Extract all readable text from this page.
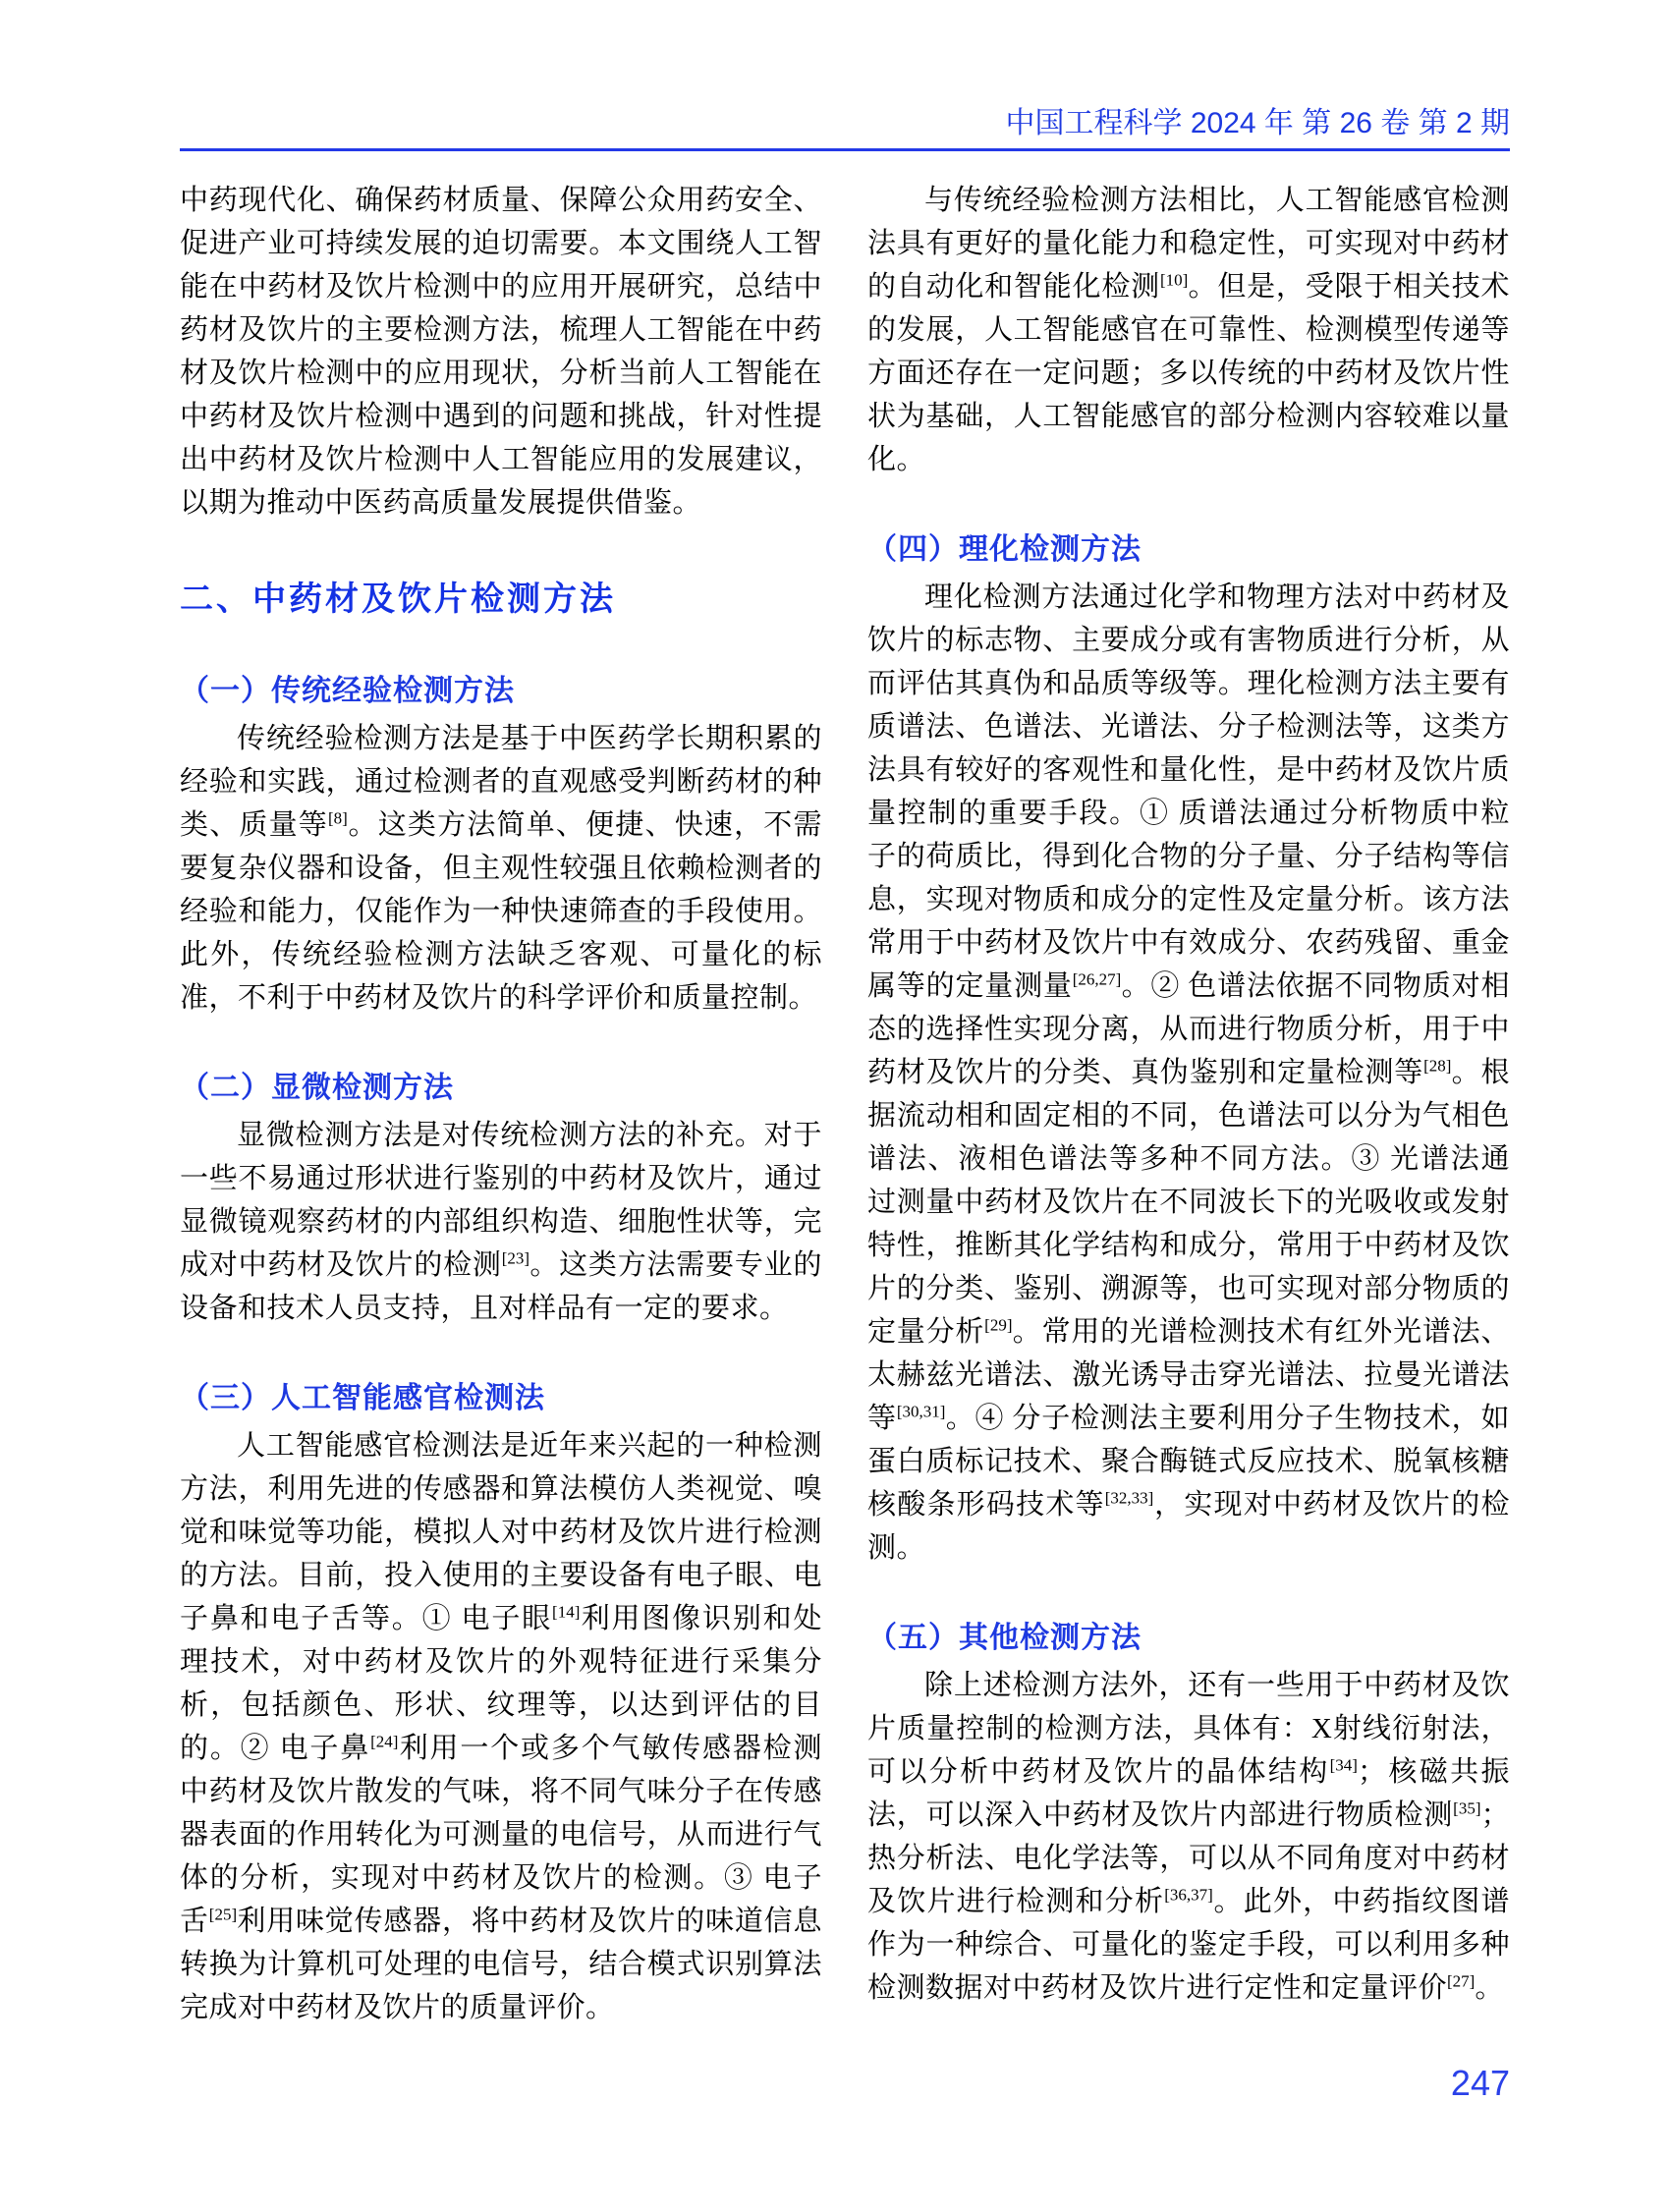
中国工程科学 2024 年 第 26 卷 第 2 期

中药现代化、确保药材质量、保障公众用药安全、促进产业可持续发展的迫切需要。本文围绕人工智能在中药材及饮片检测中的应用开展研究，总结中药材及饮片的主要检测方法，梳理人工智能在中药材及饮片检测中的应用现状，分析当前人工智能在中药材及饮片检测中遇到的问题和挑战，针对性提出中药材及饮片检测中人工智能应用的发展建议，以期为推动中医药高质量发展提供借鉴。

二、中药材及饮片检测方法
（一）传统经验检测方法

传统经验检测方法是基于中医药学长期积累的经验和实践，通过检测者的直观感受判断药材的种类、质量等[8]。这类方法简单、便捷、快速，不需要复杂仪器和设备，但主观性较强且依赖检测者的经验和能力，仅能作为一种快速筛查的手段使用。此外，传统经验检测方法缺乏客观、可量化的标准，不利于中药材及饮片的科学评价和质量控制。

（二）显微检测方法

显微检测方法是对传统检测方法的补充。对于一些不易通过形状进行鉴别的中药材及饮片，通过显微镜观察药材的内部组织构造、细胞性状等，完成对中药材及饮片的检测[23]。这类方法需要专业的设备和技术人员支持，且对样品有一定的要求。

（三）人工智能感官检测法

人工智能感官检测法是近年来兴起的一种检测方法，利用先进的传感器和算法模仿人类视觉、嗅觉和味觉等功能，模拟人对中药材及饮片进行检测的方法。目前，投入使用的主要设备有电子眼、电子鼻和电子舌等。① 电子眼[14]利用图像识别和处理技术，对中药材及饮片的外观特征进行采集分析，包括颜色、形状、纹理等，以达到评估的目的。② 电子鼻[24]利用一个或多个气敏传感器检测中药材及饮片散发的气味，将不同气味分子在传感器表面的作用转化为可测量的电信号，从而进行气体的分析，实现对中药材及饮片的检测。③ 电子舌[25]利用味觉传感器，将中药材及饮片的味道信息转换为计算机可处理的电信号，结合模式识别算法完成对中药材及饮片的质量评价。

与传统经验检测方法相比，人工智能感官检测法具有更好的量化能力和稳定性，可实现对中药材的自动化和智能化检测[10]。但是，受限于相关技术的发展，人工智能感官在可靠性、检测模型传递等方面还存在一定问题；多以传统的中药材及饮片性状为基础，人工智能感官的部分检测内容较难以量化。

（四）理化检测方法

理化检测方法通过化学和物理方法对中药材及饮片的标志物、主要成分或有害物质进行分析，从而评估其真伪和品质等级等。理化检测方法主要有质谱法、色谱法、光谱法、分子检测法等，这类方法具有较好的客观性和量化性，是中药材及饮片质量控制的重要手段。① 质谱法通过分析物质中粒子的荷质比，得到化合物的分子量、分子结构等信息，实现对物质和成分的定性及定量分析。该方法常用于中药材及饮片中有效成分、农药残留、重金属等的定量测量[26,27]。② 色谱法依据不同物质对相态的选择性实现分离，从而进行物质分析，用于中药材及饮片的分类、真伪鉴别和定量检测等[28]。根据流动相和固定相的不同，色谱法可以分为气相色谱法、液相色谱法等多种不同方法。③ 光谱法通过测量中药材及饮片在不同波长下的光吸收或发射特性，推断其化学结构和成分，常用于中药材及饮片的分类、鉴别、溯源等，也可实现对部分物质的定量分析[29]。常用的光谱检测技术有红外光谱法、太赫兹光谱法、激光诱导击穿光谱法、拉曼光谱法等[30,31]。④ 分子检测法主要利用分子生物技术，如蛋白质标记技术、聚合酶链式反应技术、脱氧核糖核酸条形码技术等[32,33]，实现对中药材及饮片的检测。

（五）其他检测方法

除上述检测方法外，还有一些用于中药材及饮片质量控制的检测方法，具体有：X射线衍射法，可以分析中药材及饮片的晶体结构[34]；核磁共振法，可以深入中药材及饮片内部进行物质检测[35]；热分析法、电化学法等，可以从不同角度对中药材及饮片进行检测和分析[36,37]。此外，中药指纹图谱作为一种综合、可量化的鉴定手段，可以利用多种检测数据对中药材及饮片进行定性和定量评价[27]。

247
